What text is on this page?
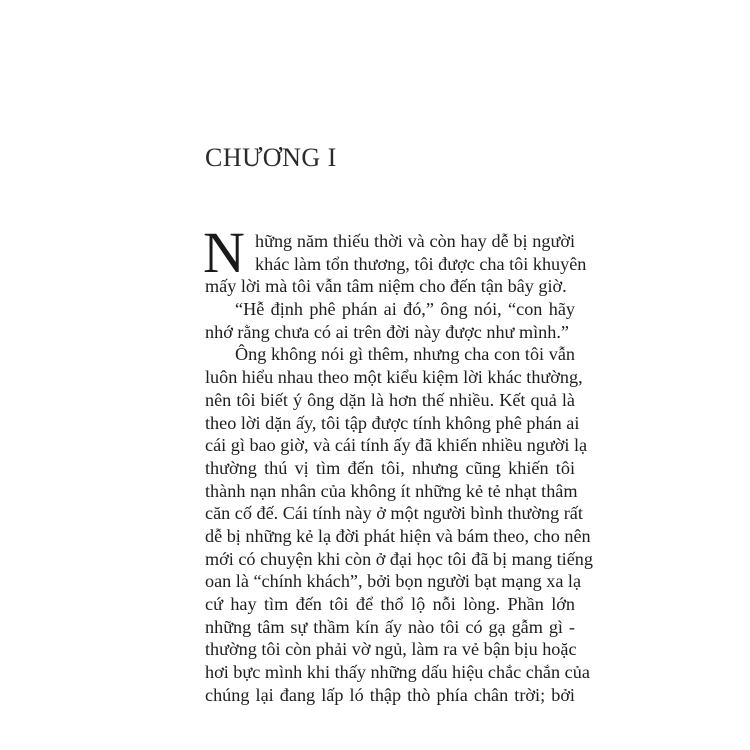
CHƯƠNG I
N hững năm thiếu thời và còn hay dễ bị người
khác làm tổn thương, tôi được cha tôi khuyên
mấy lời mà tôi vẫn tâm niệm cho đến tận bây giờ.
“Hễ định phê phán ai đó,” ông nói, “con hãy
nhớ rằng chưa có ai trên đời này được như mình.”
Ông không nói gì thêm, nhưng cha con tôi vẫn
luôn hiểu nhau theo một kiểu kiệm lời khác thường,
nên tôi biết ý ông dặn là hơn thế nhiều. Kết quả là
theo lời dặn ấy, tôi tập được tính không phê phán ai
cái gì bao giờ, và cái tính ấy đã khiến nhiều người lạ
thường thú vị tìm đến tôi, nhưng cũng khiến tôi
thành nạn nhân của không ít những kẻ tẻ nhạt thâm
căn cố đế. Cái tính này ở một người bình thường rất
dễ bị những kẻ lạ đời phát hiện và bám theo, cho nên
mới có chuyện khi còn ở đại học tôi đã bị mang tiếng
oan là “chính khách”, bởi bọn người bạt mạng xa lạ
cứ hay tìm đến tôi để thổ lộ nỗi lòng. Phần lớn
những tâm sự thầm kín ấy nào tôi có gạ gẫm gì -
thường tôi còn phải vờ ngủ, làm ra vẻ bận bịu hoặc
hơi bực mình khi thấy những dấu hiệu chắc chắn của
chúng lại đang lấp ló thập thò phía chân trời; bởi
